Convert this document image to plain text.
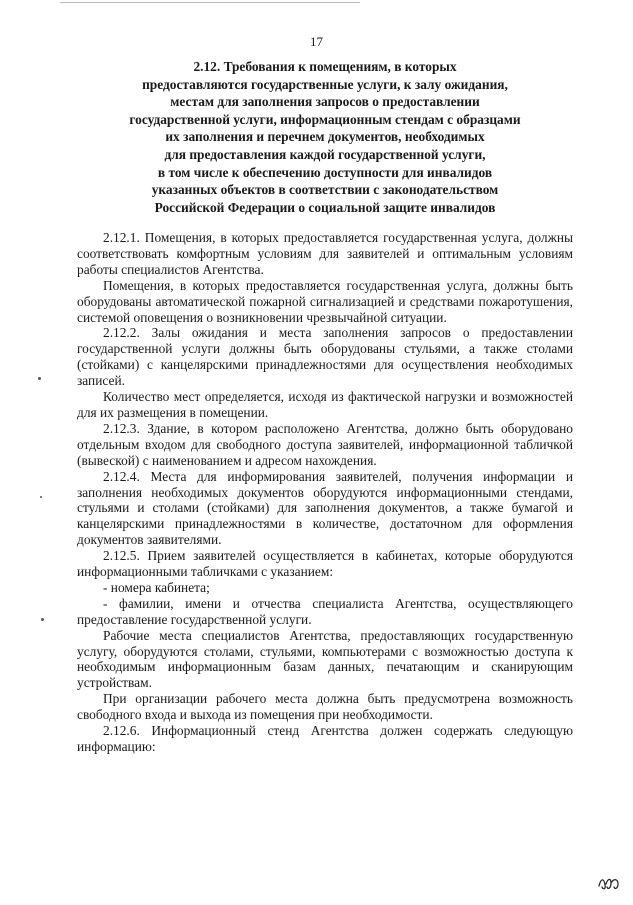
17
2.12. Требования к помещениям, в которых
предоставляются государственные услуги, к залу ожидания,
местам для заполнения запросов о предоставлении
государственной услуги, информационным стендам с образцами
их заполнения и перечнем документов, необходимых
для предоставления каждой государственной услуги,
в том числе к обеспечению доступности для инвалидов
указанных объектов в соответствии с законодательством
Российской Федерации о социальной защите инвалидов

2.12.1. Помещения, в которых предоставляется государственная услуга, должны соответствовать комфортным условиям для заявителей и оптимальным условиям работы специалистов Агентства.

Помещения, в которых предоставляется государственная услуга, должны быть оборудованы автоматической пожарной сигнализацией и средствами пожаротушения, системой оповещения о возникновении чрезвычайной ситуации.

2.12.2. Залы ожидания и места заполнения запросов о предоставлении государственной услуги должны быть оборудованы стульями, а также столами (стойками) с канцелярскими принадлежностями для осуществления необходимых записей.

Количество мест определяется, исходя из фактической нагрузки и возможностей для их размещения в помещении.

2.12.3. Здание, в котором расположено Агентства, должно быть оборудовано отдельным входом для свободного доступа заявителей, информационной табличкой (вывеской) с наименованием и адресом нахождения.

2.12.4. Места для информирования заявителей, получения информации и заполнения необходимых документов оборудуются информационными стендами, стульями и столами (стойками) для заполнения документов, а также бумагой и канцелярскими принадлежностями в количестве, достаточном для оформления документов заявителями.

2.12.5. Прием заявителей осуществляется в кабинетах, которые оборудуются информационными табличками с указанием:

- номера кабинета;

- фамилии, имени и отчества специалиста Агентства, осуществляющего предоставление государственной услуги.

Рабочие места специалистов Агентства, предоставляющих государственную услугу, оборудуются столами, стульями, компьютерами с возможностью доступа к необходимым информационным базам данных, печатающим и сканирующим устройствам.

При организации рабочего места должна быть предусмотрена возможность свободного входа и выхода из помещения при необходимости.

2.12.6. Информационный стенд Агентства должен содержать следующую информацию:

ж
